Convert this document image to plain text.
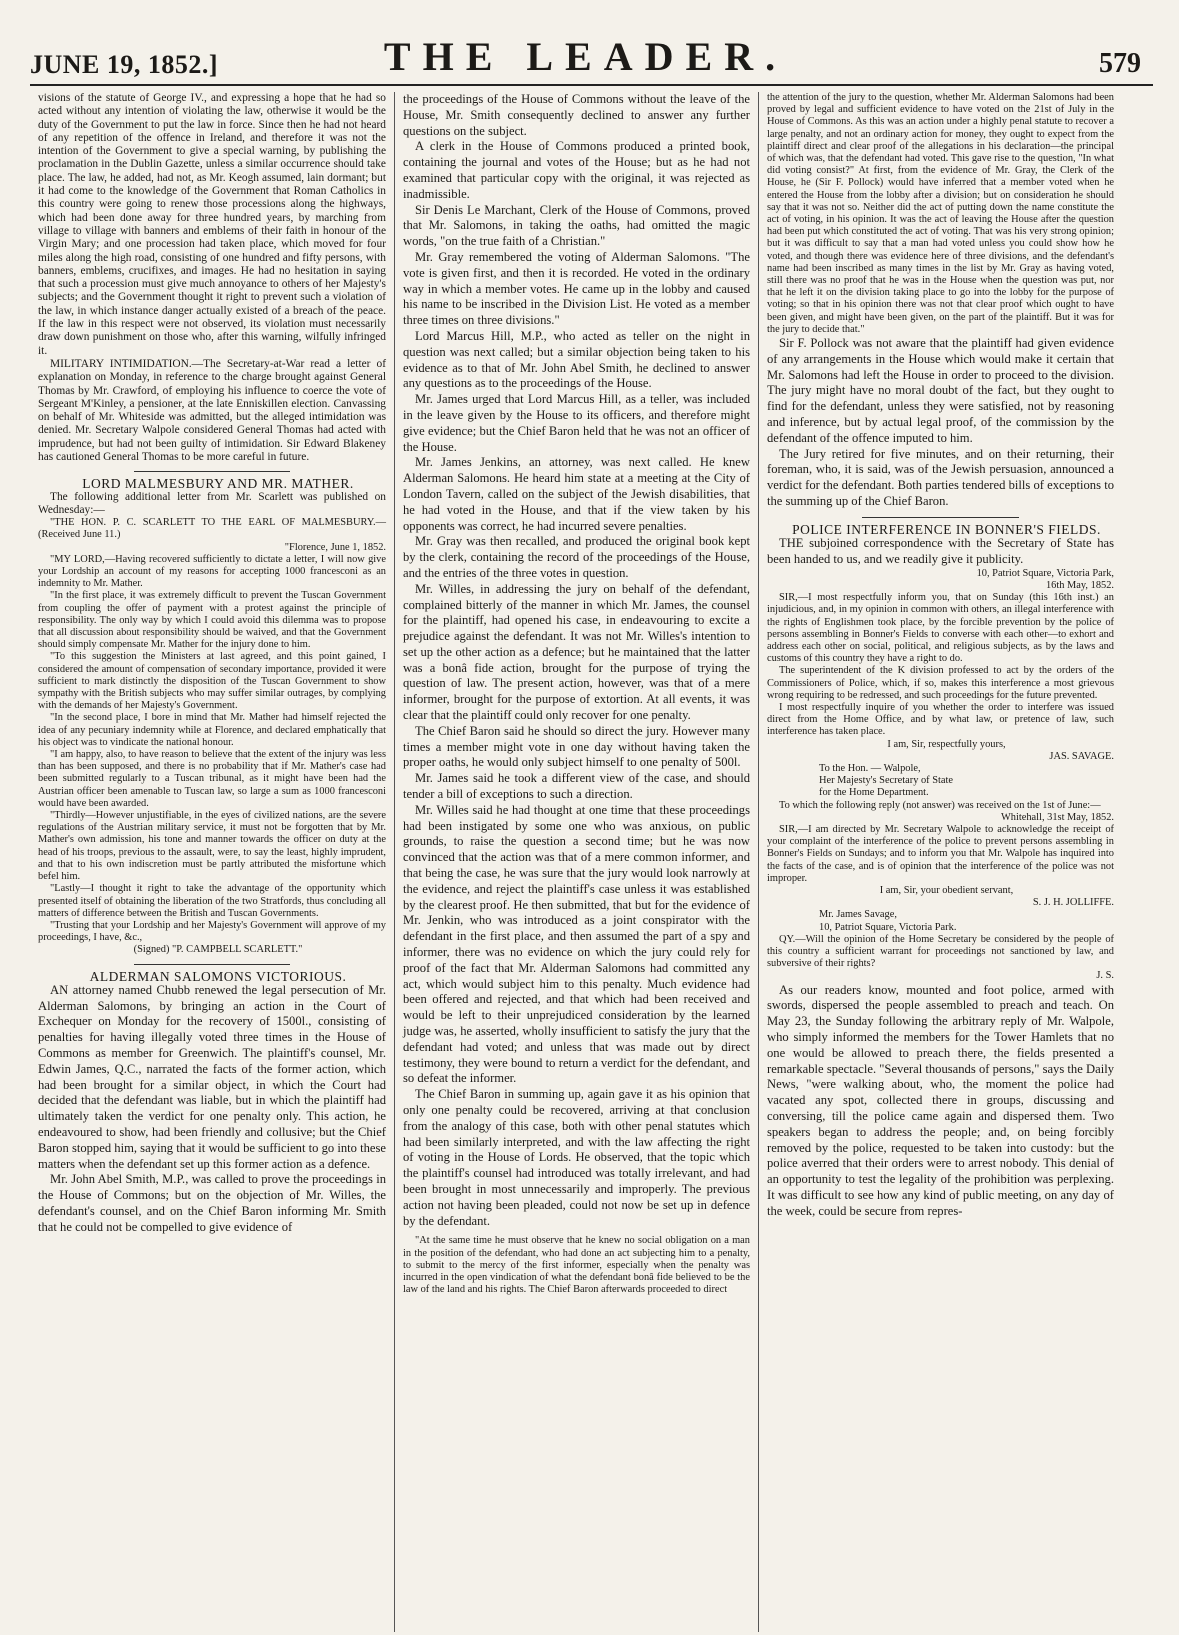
JUNE 19, 1852.]	THE LEADER.	579

visions of the statute of George IV., and expressing a hope that he had so acted without any intention of violating the law, otherwise it would be the duty of the Government to put the law in force. Since then he had not heard of any repetition of the offence in Ireland, and therefore it was not the intention of the Government to give a special warning, by publishing the proclamation in the Dublin Gazette, unless a similar occurrence should take place. The law, he added, had not, as Mr. Keogh assumed, lain dormant; but it had come to the knowledge of the Government that Roman Catholics in this country were going to renew those processions along the highways, which had been done away for three hundred years, by marching from village to village with banners and emblems of their faith in honour of the Virgin Mary; and one procession had taken place, which moved for four miles along the high road, consisting of one hundred and fifty persons, with banners, emblems, crucifixes, and images. He had no hesitation in saying that such a procession must give much annoyance to others of her Majesty's subjects; and the Government thought it right to prevent such a violation of the law, in which instance danger actually existed of a breach of the peace. If the law in this respect were not observed, its violation must necessarily draw down punishment on those who, after this warning, wilfully infringed it.

MILITARY INTIMIDATION.—The Secretary-at-War read a letter of explanation on Monday, in reference to the charge brought against General Thomas by Mr. Crawford, of employing his influence to coerce the vote of Sergeant M'Kinley, a pensioner, at the late Enniskillen election. Canvassing on behalf of Mr. Whiteside was admitted, but the alleged intimidation was denied. Mr. Secretary Walpole considered General Thomas had acted with imprudence, but had not been guilty of intimidation. Sir Edward Blakeney has cautioned General Thomas to be more careful in future.

LORD MALMESBURY AND MR. MATHER.

The following additional letter from Mr. Scarlett was published on Wednesday:—

"THE HON. P. C. SCARLETT TO THE EARL OF MALMESBURY.—(Received June 11.)

"Florence, June 1, 1852.

"MY LORD,—Having recovered sufficiently to dictate a letter, I will now give your Lordship an account of my reasons for accepting 1000 francesconi as an indemnity to Mr. Mather.

"In the first place, it was extremely difficult to prevent the Tuscan Government from coupling the offer of payment with a protest against the principle of responsibility. The only way by which I could avoid this dilemma was to propose that all discussion about responsibility should be waived, and that the Government should simply compensate Mr. Mather for the injury done to him.

"To this suggestion the Ministers at last agreed, and this point gained, I considered the amount of compensation of secondary importance, provided it were sufficient to mark distinctly the disposition of the Tuscan Government to show sympathy with the British subjects who may suffer similar outrages, by complying with the demands of her Majesty's Government.

"In the second place, I bore in mind that Mr. Mather had himself rejected the idea of any pecuniary indemnity while at Florence, and declared emphatically that his object was to vindicate the national honour.

"I am happy, also, to have reason to believe that the extent of the injury was less than has been supposed, and there is no probability that if Mr. Mather's case had been submitted regularly to a Tuscan tribunal, as it might have been had the Austrian officer been amenable to Tuscan law, so large a sum as 1000 francesconi would have been awarded.

"Thirdly—However unjustifiable, in the eyes of civilized nations, are the severe regulations of the Austrian military service, it must not be forgotten that by Mr. Mather's own admission, his tone and manner towards the officer on duty at the head of his troops, previous to the assault, were, to say the least, highly imprudent, and that to his own indiscretion must be partly attributed the misfortune which befel him.

"Lastly—I thought it right to take the advantage of the opportunity which presented itself of obtaining the liberation of the two Stratfords, thus concluding all matters of difference between the British and Tuscan Governments.

"Trusting that your Lordship and her Majesty's Government will approve of my proceedings, I have, &c.,

(Signed) "P. CAMPBELL SCARLETT."

ALDERMAN SALOMONS VICTORIOUS.

AN attorney named Chubb renewed the legal persecution of Mr. Alderman Salomons, by bringing an action in the Court of Exchequer on Monday for the recovery of 1500l., consisting of penalties for having illegally voted three times in the House of Commons as member for Greenwich. The plaintiff's counsel, Mr. Edwin James, Q.C., narrated the facts of the former action, which had been brought for a similar object, in which the Court had decided that the defendant was liable, but in which the plaintiff had ultimately taken the verdict for one penalty only. This action, he endeavoured to show, had been friendly and collusive; but the Chief Baron stopped him, saying that it would be sufficient to go into these matters when the defendant set up this former action as a defence.

Mr. John Abel Smith, M.P., was called to prove the proceedings in the House of Commons; but on the objection of Mr. Willes, the defendant's counsel, and on the Chief Baron informing Mr. Smith that he could not be compelled to give evidence of

the proceedings of the House of Commons without the leave of the House, Mr. Smith consequently declined to answer any further questions on the subject.

A clerk in the House of Commons produced a printed book, containing the journal and votes of the House; but as he had not examined that particular copy with the original, it was rejected as inadmissible.

Sir Denis Le Marchant, Clerk of the House of Commons, proved that Mr. Salomons, in taking the oaths, had omitted the magic words, "on the true faith of a Christian."

Mr. Gray remembered the voting of Alderman Salomons. "The vote is given first, and then it is recorded. He voted in the ordinary way in which a member votes. He came up in the lobby and caused his name to be inscribed in the Division List. He voted as a member three times on three divisions."

Lord Marcus Hill, M.P., who acted as teller on the night in question was next called; but a similar objection being taken to his evidence as to that of Mr. John Abel Smith, he declined to answer any questions as to the proceedings of the House.

Mr. James urged that Lord Marcus Hill, as a teller, was included in the leave given by the House to its officers, and therefore might give evidence; but the Chief Baron held that he was not an officer of the House.

Mr. James Jenkins, an attorney, was next called. He knew Alderman Salomons. He heard him state at a meeting at the City of London Tavern, called on the subject of the Jewish disabilities, that he had voted in the House, and that if the view taken by his opponents was correct, he had incurred severe penalties.

Mr. Gray was then recalled, and produced the original book kept by the clerk, containing the record of the proceedings of the House, and the entries of the three votes in question.

Mr. Willes, in addressing the jury on behalf of the defendant, complained bitterly of the manner in which Mr. James, the counsel for the plaintiff, had opened his case, in endeavouring to excite a prejudice against the defendant. It was not Mr. Willes's intention to set up the other action as a defence; but he maintained that the latter was a bonâ fide action, brought for the purpose of trying the question of law. The present action, however, was that of a mere informer, brought for the purpose of extortion. At all events, it was clear that the plaintiff could only recover for one penalty.

The Chief Baron said he should so direct the jury. However many times a member might vote in one day without having taken the proper oaths, he would only subject himself to one penalty of 500l.

Mr. James said he took a different view of the case, and should tender a bill of exceptions to such a direction.

Mr. Willes said he had thought at one time that these proceedings had been instigated by some one who was anxious, on public grounds, to raise the question a second time; but he was now convinced that the action was that of a mere common informer, and that being the case, he was sure that the jury would look narrowly at the evidence, and reject the plaintiff's case unless it was established by the clearest proof. He then submitted, that but for the evidence of Mr. Jenkin, who was introduced as a joint conspirator with the defendant in the first place, and then assumed the part of a spy and informer, there was no evidence on which the jury could rely for proof of the fact that Mr. Alderman Salomons had committed any act, which would subject him to this penalty. Much evidence had been offered and rejected, and that which had been received and would be left to their unprejudiced consideration by the learned judge was, he asserted, wholly insufficient to satisfy the jury that the defendant had voted; and unless that was made out by direct testimony, they were bound to return a verdict for the defendant, and so defeat the informer.

The Chief Baron in summing up, again gave it as his opinion that only one penalty could be recovered, arriving at that conclusion from the analogy of this case, both with other penal statutes which had been similarly interpreted, and with the law affecting the right of voting in the House of Lords. He observed, that the topic which the plaintiff's counsel had introduced was totally irrelevant, and had been brought in most unnecessarily and improperly. The previous action not having been pleaded, could not now be set up in defence by the defendant.

"At the same time he must observe that he knew no social obligation on a man in the position of the defendant, who had done an act subjecting him to a penalty, to submit to the mercy of the first informer, especially when the penalty was incurred in the open vindication of what the defendant bonâ fide believed to be the law of the land and his rights. The Chief Baron afterwards proceeded to direct

the attention of the jury to the question, whether Mr. Alderman Salomons had been proved by legal and sufficient evidence to have voted on the 21st of July in the House of Commons. As this was an action under a highly penal statute to recover a large penalty, and not an ordinary action for money, they ought to expect from the plaintiff direct and clear proof of the allegations in his declaration—the principal of which was, that the defendant had voted. This gave rise to the question, "In what did voting consist?" At first, from the evidence of Mr. Gray, the Clerk of the House, he (Sir F. Pollock) would have inferred that a member voted when he entered the House from the lobby after a division; but on consideration he should say that it was not so. Neither did the act of putting down the name constitute the act of voting, in his opinion. It was the act of leaving the House after the question had been put which constituted the act of voting. That was his very strong opinion; but it was difficult to say that a man had voted unless you could show how he voted, and though there was evidence here of three divisions, and the defendant's name had been inscribed as many times in the list by Mr. Gray as having voted, still there was no proof that he was in the House when the question was put, nor that he left it on the division taking place to go into the lobby for the purpose of voting; so that in his opinion there was not that clear proof which ought to have been given, and might have been given, on the part of the plaintiff. But it was for the jury to decide that."

Sir F. Pollock was not aware that the plaintiff had given evidence of any arrangements in the House which would make it certain that Mr. Salomons had left the House in order to proceed to the division. The jury might have no moral doubt of the fact, but they ought to find for the defendant, unless they were satisfied, not by reasoning and inference, but by actual legal proof, of the commission by the defendant of the offence imputed to him.

The Jury retired for five minutes, and on their returning, their foreman, who, it is said, was of the Jewish persuasion, announced a verdict for the defendant. Both parties tendered bills of exceptions to the summing up of the Chief Baron.

POLICE INTERFERENCE IN BONNER'S FIELDS.

THE subjoined correspondence with the Secretary of State has been handed to us, and we readily give it publicity.

10, Patriot Square, Victoria Park,

16th May, 1852.

SIR,—I most respectfully inform you, that on Sunday (this 16th inst.) an injudicious, and, in my opinion in common with others, an illegal interference with the rights of Englishmen took place, by the forcible prevention by the police of persons assembling in Bonner's Fields to converse with each other—to exhort and address each other on social, political, and religious subjects, as by the laws and customs of this country they have a right to do.

The superintendent of the K division professed to act by the orders of the Commissioners of Police, which, if so, makes this interference a most grievous wrong requiring to be redressed, and such proceedings for the future prevented.

I most respectfully inquire of you whether the order to interfere was issued direct from the Home Office, and by what law, or pretence of law, such interference has taken place.

I am, Sir, respectfully yours,

JAS. SAVAGE.

To the Hon. — Walpole,

Her Majesty's Secretary of State

for the Home Department.

To which the following reply (not answer) was received on the 1st of June:—

Whitehall, 31st May, 1852.

SIR,—I am directed by Mr. Secretary Walpole to acknowledge the receipt of your complaint of the interference of the police to prevent persons assembling in Bonner's Fields on Sundays; and to inform you that Mr. Walpole has inquired into the facts of the case, and is of opinion that the interference of the police was not improper.

I am, Sir, your obedient servant,

S. J. H. JOLLIFFE.

Mr. James Savage,

10, Patriot Square, Victoria Park.

QY.—Will the opinion of the Home Secretary be considered by the people of this country a sufficient warrant for proceedings not sanctioned by law, and subversive of their rights?

J. S.

As our readers know, mounted and foot police, armed with swords, dispersed the people assembled to preach and teach. On May 23, the Sunday following the arbitrary reply of Mr. Walpole, who simply informed the members for the Tower Hamlets that no one would be allowed to preach there, the fields presented a remarkable spectacle. "Several thousands of persons," says the Daily News, "were walking about, who, the moment the police had vacated any spot, collected there in groups, discussing and conversing, till the police came again and dispersed them. Two speakers began to address the people; and, on being forcibly removed by the police, requested to be taken into custody: but the police averred that their orders were to arrest nobody. This denial of an opportunity to test the legality of the prohibition was perplexing. It was difficult to see how any kind of public meeting, on any day of the week, could be secure from repres-
